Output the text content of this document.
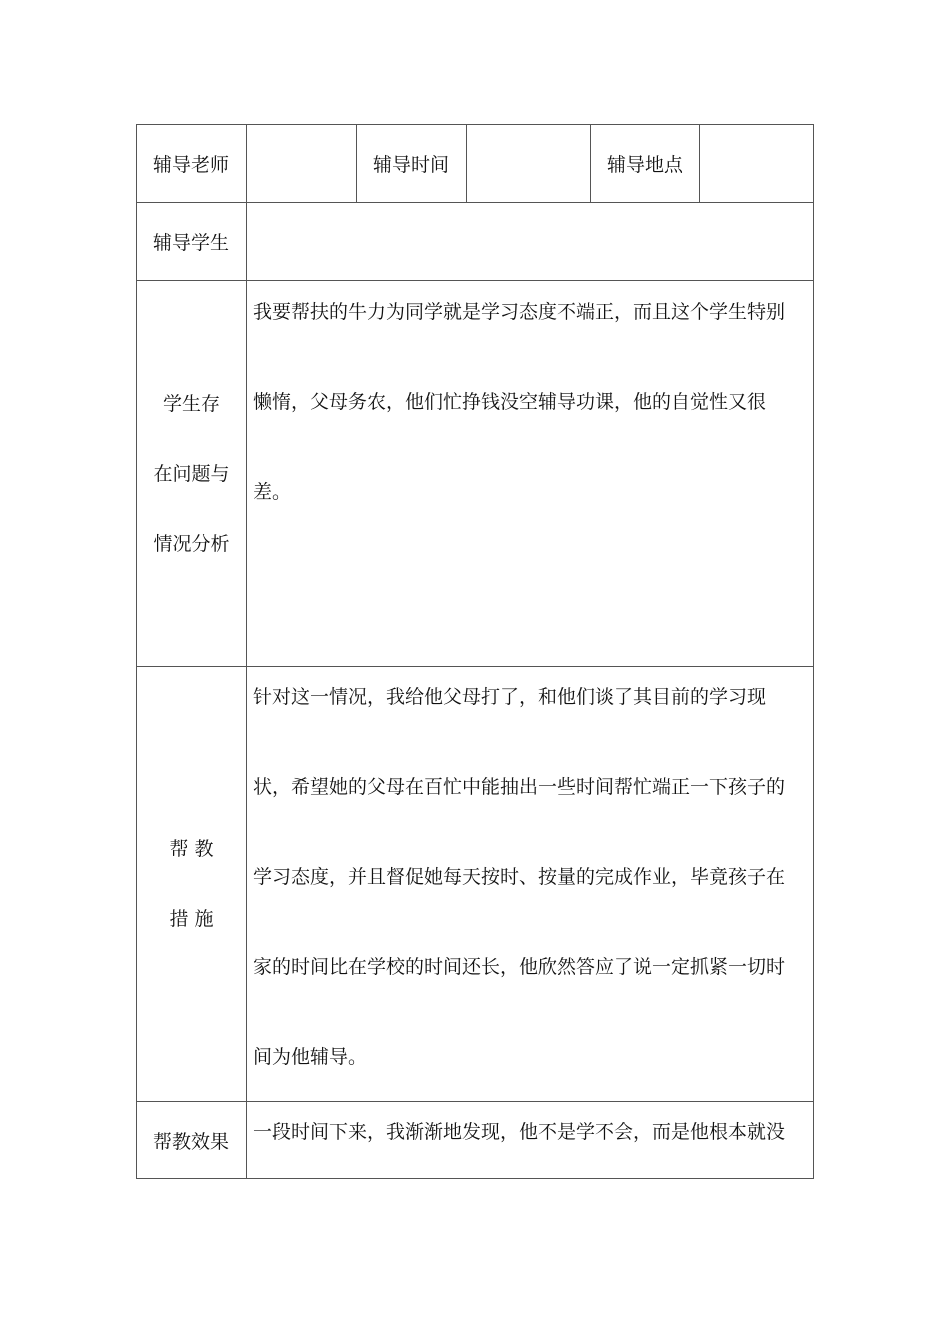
辅导老师	辅导时间	辅导地点
辅导学生
学生存
在问题与
情况分析
我要帮扶的牛力为同学就是学习态度不端正，而且这个学生特别
懒惰，父母务农，他们忙挣钱没空辅导功课，他的自觉性又很
差。
帮 教
措 施
针对这一情况，我给他父母打了，和他们谈了其目前的学习现
状，希望她的父母在百忙中能抽出一些时间帮忙端正一下孩子的
学习态度，并且督促她每天按时、按量的完成作业，毕竟孩子在
家的时间比在学校的时间还长，他欣然答应了说一定抓紧一切时
间为他辅导。
帮教效果 一段时间下来，我渐渐地发现，他不是学不会，而是他根本就没
